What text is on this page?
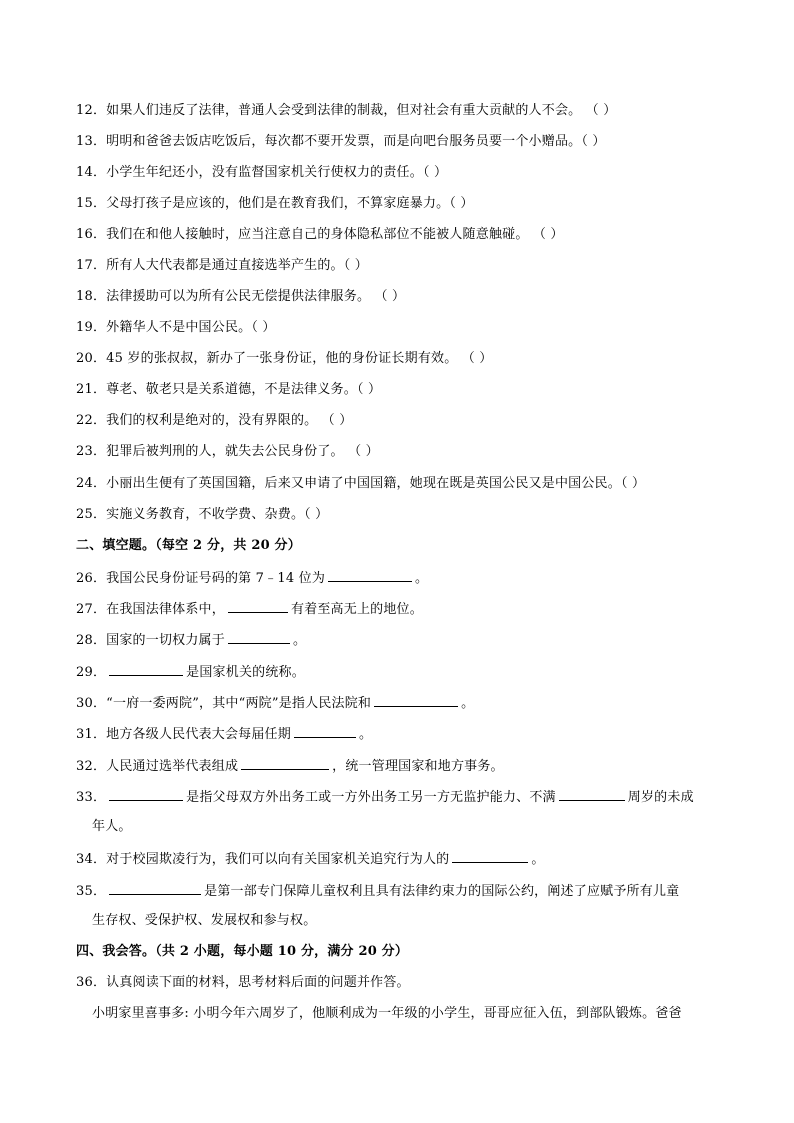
12．如果人们违反了法律，普通人会受到法律的制裁，但对社会有重大贡献的人不会。 （ ）
13．明明和爸爸去饭店吃饭后，每次都不要开发票，而是向吧台服务员要一个小赠品。（ ）
14．小学生年纪还小，没有监督国家机关行使权力的责任。（ ）
15．父母打孩子是应该的，他们是在教育我们，不算家庭暴力。（ ）
16．我们在和他人接触时，应当注意自己的身体隐私部位不能被人随意触碰。 （ ）
17．所有人大代表都是通过直接选举产生的。（ ）
18．法律援助可以为所有公民无偿提供法律服务。 （ ）
19．外籍华人不是中国公民。（ ）
20．45 岁的张叔叔，新办了一张身份证，他的身份证长期有效。 （ ）
21．尊老、敬老只是关系道德，不是法律义务。（ ）
22．我们的权利是绝对的，没有界限的。 （ ）
23．犯罪后被判刑的人，就失去公民身份了。 （ ）
24．小丽出生便有了英国国籍，后来又申请了中国国籍，她现在既是英国公民又是中国公民。（ ）
25．实施义务教育，不收学费、杂费。（ ）
二、填空题。（每空 2 分，共 20 分）
26．我国公民身份证号码的第 7﹣14 位为	。
27．在我国法律体系中，	有着至高无上的地位。
28．国家的一切权力属于	。
29．	是国家机关的统称。
30．“一府一委两院”，其中“两院”是指人民法院和	。
31．地方各级人民代表大会每届任期	。
32．人民通过选举代表组成	，统一管理国家和地方事务。
33．	是指父母双方外出务工或一方外出务工另一方无监护能力、不满	周岁的未成
年人。
34．对于校园欺凌行为，我们可以向有关国家机关追究行为人的	。
35．	是第一部专门保障儿童权利且具有法律约束力的国际公约，阐述了应赋予所有儿童
生存权、受保护权、发展权和参与权。
四、我会答。（共 2 小题，每小题 10 分，满分 20 分）
36．认真阅读下面的材料，思考材料后面的问题并作答。
小明家里喜事多: 小明今年六周岁了，他顺利成为一年级的小学生，哥哥应征入伍，到部队锻炼。爸爸
